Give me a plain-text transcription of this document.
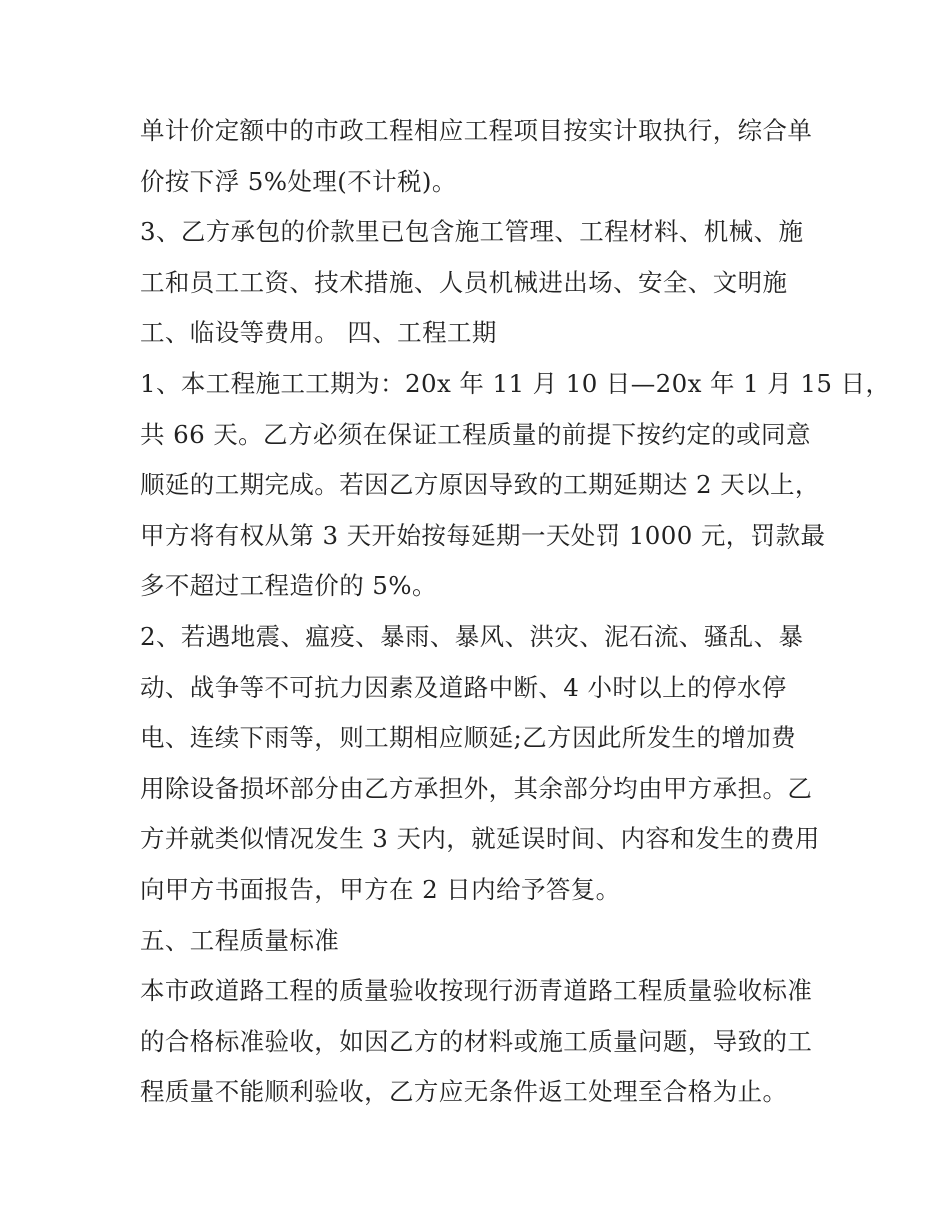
单计价定额中的市政工程相应工程项目按实计取执行，综合单
价按下浮 5%处理(不计税)。
3、乙方承包的价款里已包含施工管理、工程材料、机械、施
工和员工工资、技术措施、人员机械进出场、安全、文明施
工、临设等费用。 四、工程工期
1、本工程施工工期为：20x 年 11 月 10 日—20x 年 1 月 15 日，
共 66 天。乙方必须在保证工程质量的前提下按约定的或同意
顺延的工期完成。若因乙方原因导致的工期延期达 2 天以上，
甲方将有权从第 3 天开始按每延期一天处罚 1000 元，罚款最
多不超过工程造价的 5%。
2、若遇地震、瘟疫、暴雨、暴风、洪灾、泥石流、骚乱、暴
动、战争等不可抗力因素及道路中断、4 小时以上的停水停
电、连续下雨等，则工期相应顺延;乙方因此所发生的增加费
用除设备损坏部分由乙方承担外，其余部分均由甲方承担。乙
方并就类似情况发生 3 天内，就延误时间、内容和发生的费用
向甲方书面报告，甲方在 2 日内给予答复。
五、工程质量标准
本市政道路工程的质量验收按现行沥青道路工程质量验收标准
的合格标准验收，如因乙方的材料或施工质量问题，导致的工
程质量不能顺利验收，乙方应无条件返工处理至合格为止。
